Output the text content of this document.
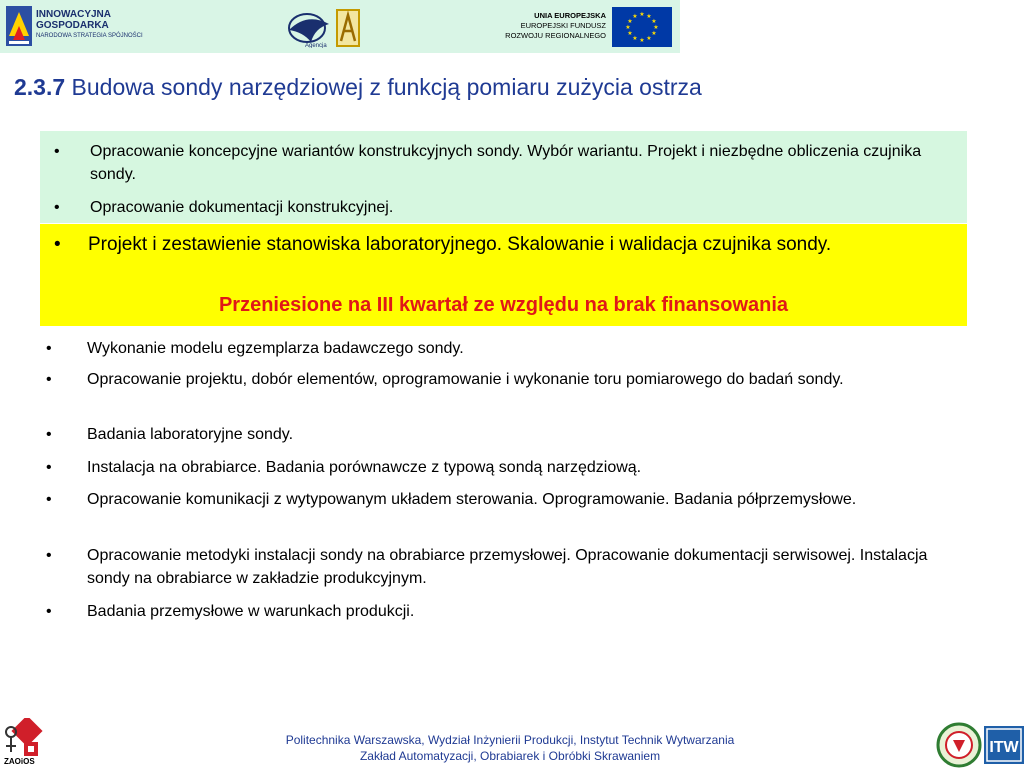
INNOWACYJNA
GOSPODARKA
NARODOWA STRATEGIA SPÓJNOŚCI
Agencja
UNIA EUROPEJSKA
EUROPEJSKI FUNDUSZ
ROZWOJU REGIONALNEGO
★ ★
★
★
★
★
★
★
★
★
★
★
2.3.7 Budowa sondy narzędziowej z funkcją pomiaru zużycia ostrza
• Opracowanie koncepcyjne wariantów konstrukcyjnych sondy. Wybór wariantu. Projekt i niezbędne obliczenia czujnika sondy.
• Opracowanie dokumentacji konstrukcyjnej.
• Projekt i zestawienie stanowiska laboratoryjnego. Skalowanie i walidacja czujnika sondy.
Przeniesione na III kwartał ze względu na brak finansowania
• Wykonanie modelu egzemplarza badawczego sondy.
• Opracowanie projektu, dobór elementów, oprogramowanie i wykonanie toru pomiarowego do badań sondy.
• Badania laboratoryjne sondy.
• Instalacja na obrabiarce. Badania porównawcze z typową sondą narzędziową.
• Opracowanie komunikacji z wytypowanym układem sterowania. Oprogramowanie. Badania półprzemysłowe.
• Opracowanie metodyki instalacji sondy na obrabiarce przemysłowej. Opracowanie dokumentacji serwisowej. Instalacja sondy na obrabiarce w zakładzie produkcyjnym.
• Badania przemysłowe w warunkach produkcji.
ZAOiOS
Politechnika Warszawska, Wydział Inżynierii Produkcji, Instytut Technik Wytwarzania
Zakład Automatyzacji, Obrabiarek i Obróbki Skrawaniem	ITW
